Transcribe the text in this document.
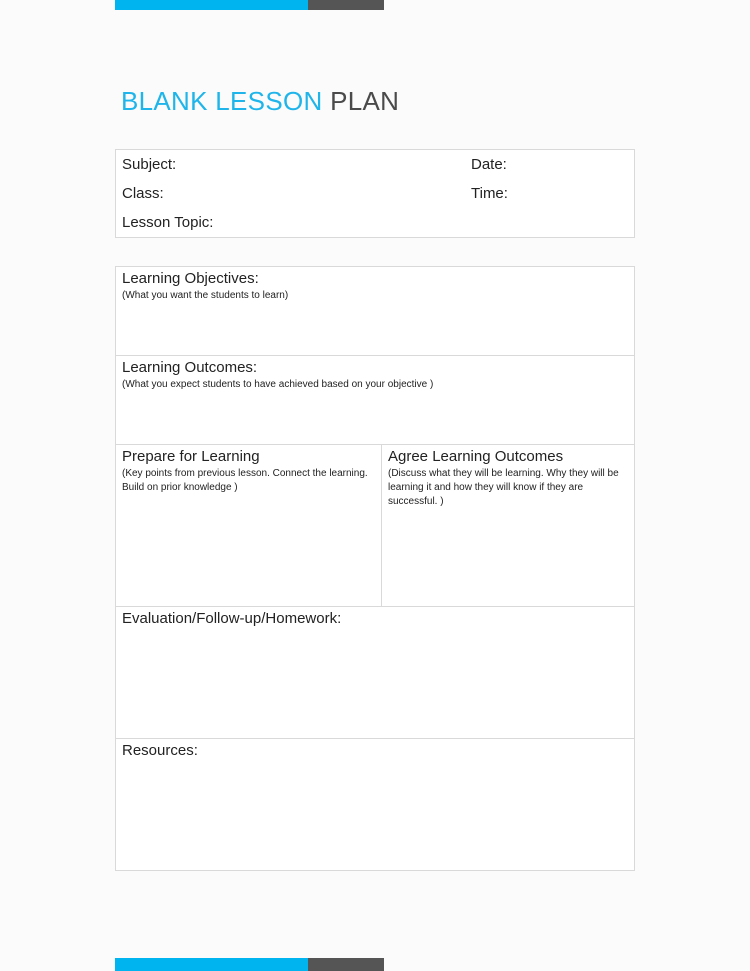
BLANK LESSON PLAN
Subject:	Date:
Class:	Time:
Lesson Topic:
Learning Objectives:
(What you want the students to learn)
Learning Outcomes:
(What you expect students to have achieved based on your objective )
Prepare for Learning
(Key points from previous lesson. Connect the learning. Build on prior knowledge )
Agree Learning Outcomes
(Discuss what they will be learning. Why they will be learning it and how they will know if they are successful. )
Evaluation/Follow-up/Homework:
Resources:
